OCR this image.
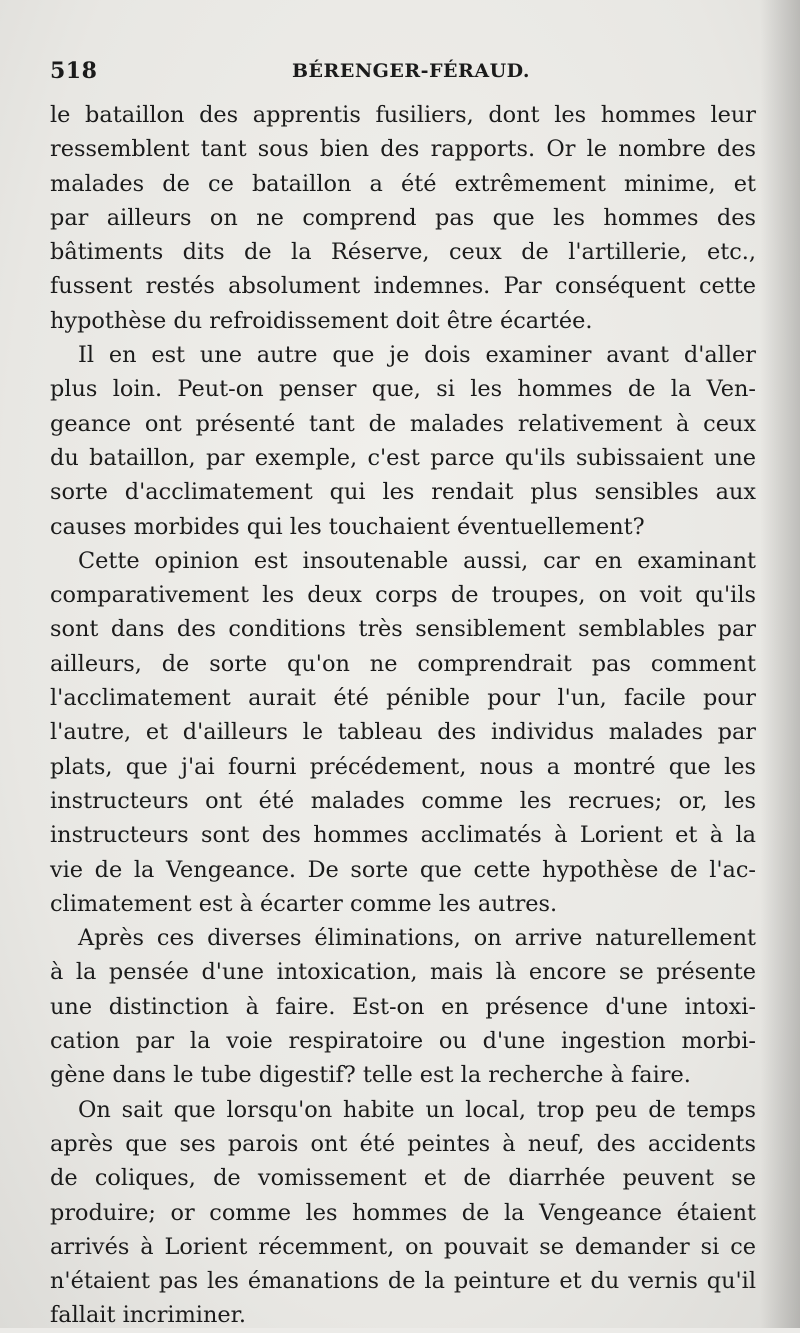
518	BÉRENGER-FÉRAUD.
le bataillon des apprentis fusiliers, dont les hommes leur
ressemblent tant sous bien des rapports. Or le nombre des
malades de ce bataillon a été extrêmement minime, et
par ailleurs on ne comprend pas que les hommes des
bâtiments dits de la Réserve, ceux de l'artillerie, etc.,
fussent restés absolument indemnes. Par conséquent cette
hypothèse du refroidissement doit être écartée.
Il en est une autre que je dois examiner avant d'aller
plus loin. Peut-on penser que, si les hommes de la Ven-
geance ont présenté tant de malades relativement à ceux
du bataillon, par exemple, c'est parce qu'ils subissaient une
sorte d'acclimatement qui les rendait plus sensibles aux
causes morbides qui les touchaient éventuellement?
Cette opinion est insoutenable aussi, car en examinant
comparativement les deux corps de troupes, on voit qu'ils
sont dans des conditions très sensiblement semblables par
ailleurs, de sorte qu'on ne comprendrait pas comment
l'acclimatement aurait été pénible pour l'un, facile pour
l'autre, et d'ailleurs le tableau des individus malades par
plats, que j'ai fourni précédement, nous a montré que les
instructeurs ont été malades comme les recrues; or, les
instructeurs sont des hommes acclimatés à Lorient et à la
vie de la Vengeance. De sorte que cette hypothèse de l'ac-
climatement est à écarter comme les autres.
Après ces diverses éliminations, on arrive naturellement
à la pensée d'une intoxication, mais là encore se présente
une distinction à faire. Est-on en présence d'une intoxi-
cation par la voie respiratoire ou d'une ingestion morbi-
gène dans le tube digestif? telle est la recherche à faire.
On sait que lorsqu'on habite un local, trop peu de temps
après que ses parois ont été peintes à neuf, des accidents
de coliques, de vomissement et de diarrhée peuvent se
produire; or comme les hommes de la Vengeance étaient
arrivés à Lorient récemment, on pouvait se demander si ce
n'étaient pas les émanations de la peinture et du vernis qu'il
fallait incriminer.
